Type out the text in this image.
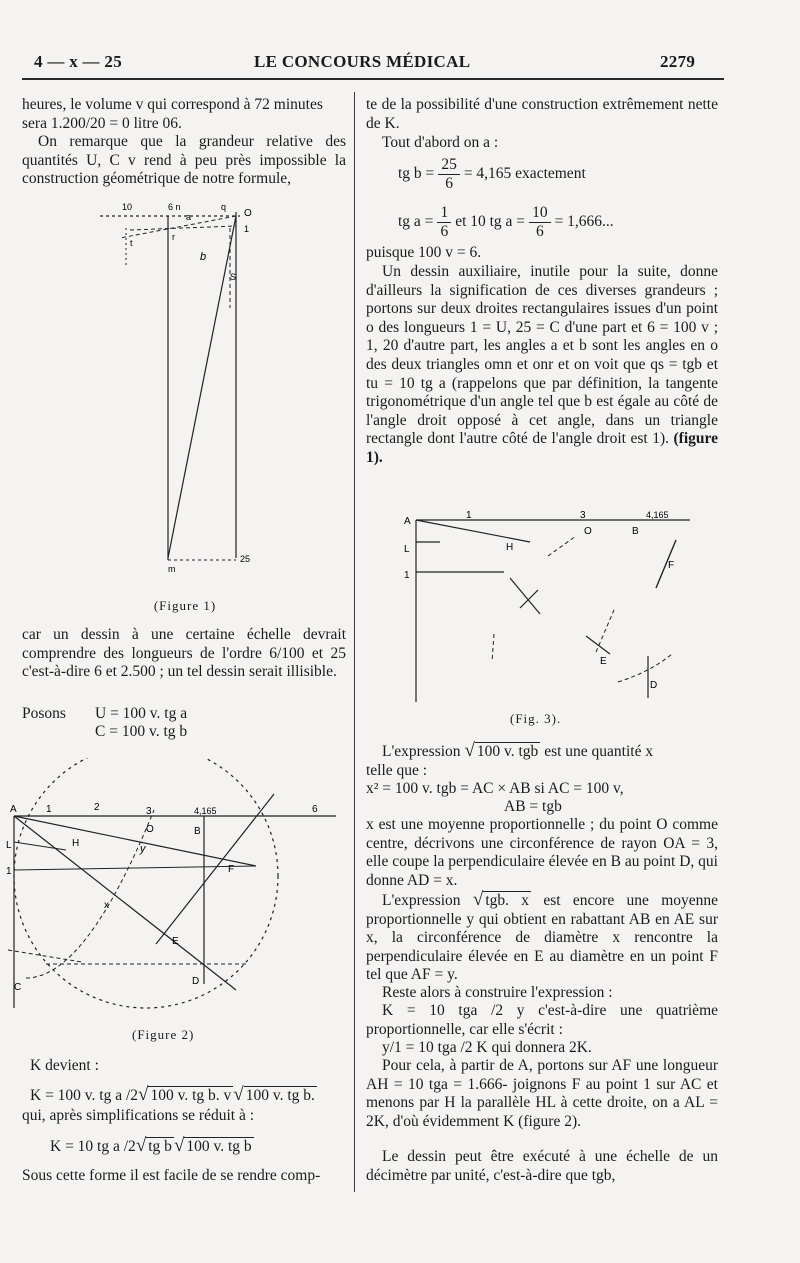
4 — x — 25	LE CONCOURS MÉDICAL	2279

heures, le volume v qui correspond à 72 minutes

sera 1.200/20 = 0 litre 06.

On remarque que la grandeur relative des quantités U, C v rend à peu près impossible la construction géométrique de notre formule,

10	6 n	q
O
1
a
t
r
b
S
m
25
(Figure 1)
car un dessin à une certaine échelle devrait comprendre des longueurs de l'ordre 6/100 et 25 c'est-à-dire 6 et 2.500 ; un tel dessin serait illisible.
Posons U = 100 v. tg a
C = 100 v. tg b
A	1	2	3	4,165	6
O	B
H
L	y
1	F
x
E
C
D
(Figure 2)
K devient :
K = 100 v. tg a /2√ 100 v. tg b. v √ 100 v. tg b.
qui, après simplifications se réduit à :
K = 10 tg a /2√ tg b √ 100 v. tg b
Sous cette forme il est facile de se rendre comp-
te de la possibilité d'une construction extrêmement nette de K.
Tout d'abord on a :
tg $b = \frac{25}{6} = 4,165$ exactement
tg $a = \frac{1}{6}$ et 10 tg $a = \frac{10}{6} = 1,666$...
puisque 100 v = 6.

Un dessin auxiliaire, inutile pour la suite, donne d'ailleurs la signification de ces diverses grandeurs ; portons sur deux droites rectangulaires issues d'un point o des longueurs 1 = U, 25 = C d'une part et 6 = 100 v ; 1, 20 d'autre part, les angles a et b sont les angles en o des deux triangles omn et onr et on voit que qs = tgb et tu = 10 tg a (rappelons que par définition, la tangente trigonométrique d'un angle tel que b est égale au côté de l'angle droit opposé à cet angle, dans un triangle rectangle dont l'autre côté de l'angle droit est 1). (figure 1).

A
1	3	4,165
O	B
L	H
1
F
E
D
(Fig. 3).
L'expression √ 100 v. tgb est une quantité x
telle que :
x² = 100 v. tgb = AC × AB si AC = 100 v,
AB = tgb
x est une moyenne proportionnelle ; du point O comme centre, décrivons une circonférence de rayon OA = 3, elle coupe la perpendiculaire élevée en B au point D, qui donne AD = x.

L'expression √ tgb. x est encore une moyenne proportionnelle y qui obtient en rabattant AB en AE sur x, la circonférence de diamètre x rencontre la perpendiculaire élevée en E au diamètre en un point F tel que AF = y.

Reste alors à construire l'expression :

K = 10 tga /2 y c'est-à-dire une quatrième proportionnelle, car elle s'écrit :

y/1 = 10 tga /2 K qui donnera 2K.

Pour cela, à partir de A, portons sur AF une longueur AH = 10 tga = 1.666- joignons F au point 1 sur AC et menons par H la parallèle HL à cette droite, on a AL = 2K, d'où évidemment K (figure 2).

Le dessin peut être exécuté à une échelle de un décimètre par unité, c'est-à-dire que tgb,
